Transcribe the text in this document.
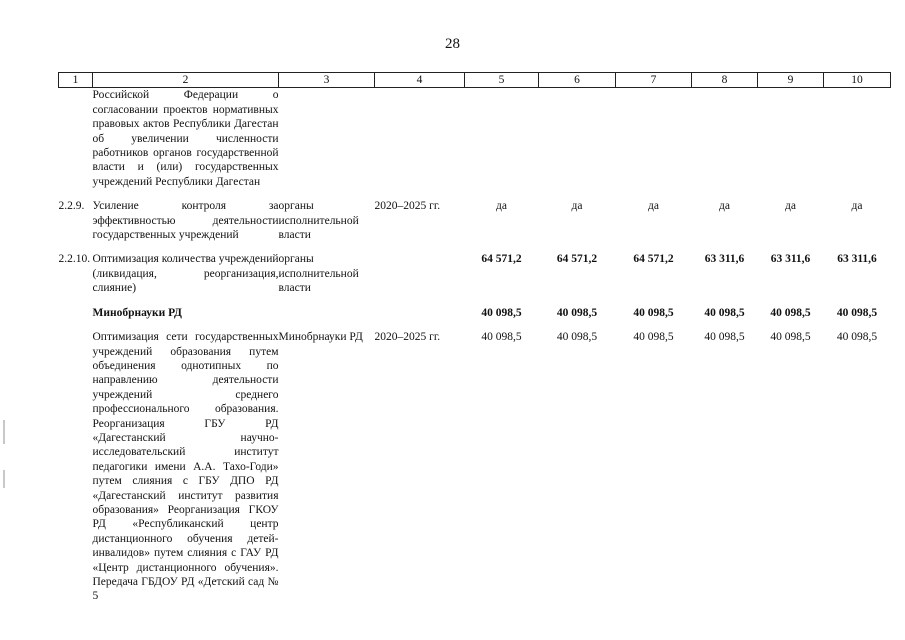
28
1	2	3	4	5	6	7	8	9	10
	Российской Федерации о согласовании проектов нормативных правовых актов Республики Дагестан об увеличении численности работников органов государственной власти и (или) государственных учреждений Республики Дагестан								
2.2.9.	Усиление контроля за эффективностью деятельности государственных учреждений	органы исполнительной власти	2020–2025 гг.	да	да	да	да	да	да
2.2.10.	Оптимизация количества учреждений (ликвидация, реорганизация, слияние)	органы исполнительной власти		64 571,2	64 571,2	64 571,2	63 311,6	63 311,6	63 311,6
	Минобрнауки РД			40 098,5	40 098,5	40 098,5	40 098,5	40 098,5	40 098,5
	Оптимизация сети государственных учреждений образования путем объединения однотипных по направлению деятельности учреждений среднего профессионального образования. Реорганизация ГБУ РД «Дагестанский научно-исследовательский институт педагогики имени А.А. Тахо-Годи» путем слияния с ГБУ ДПО РД «Дагестанский институт развития образования» Реорганизация ГКОУ РД «Республиканский центр дистанционного обучения детей-инвалидов» путем слияния с ГАУ РД «Центр дистанционного обучения». Передача ГБДОУ РД «Детский сад № 5	Минобрнауки РД	2020–2025 гг.	40 098,5	40 098,5	40 098,5	40 098,5	40 098,5	40 098,5
